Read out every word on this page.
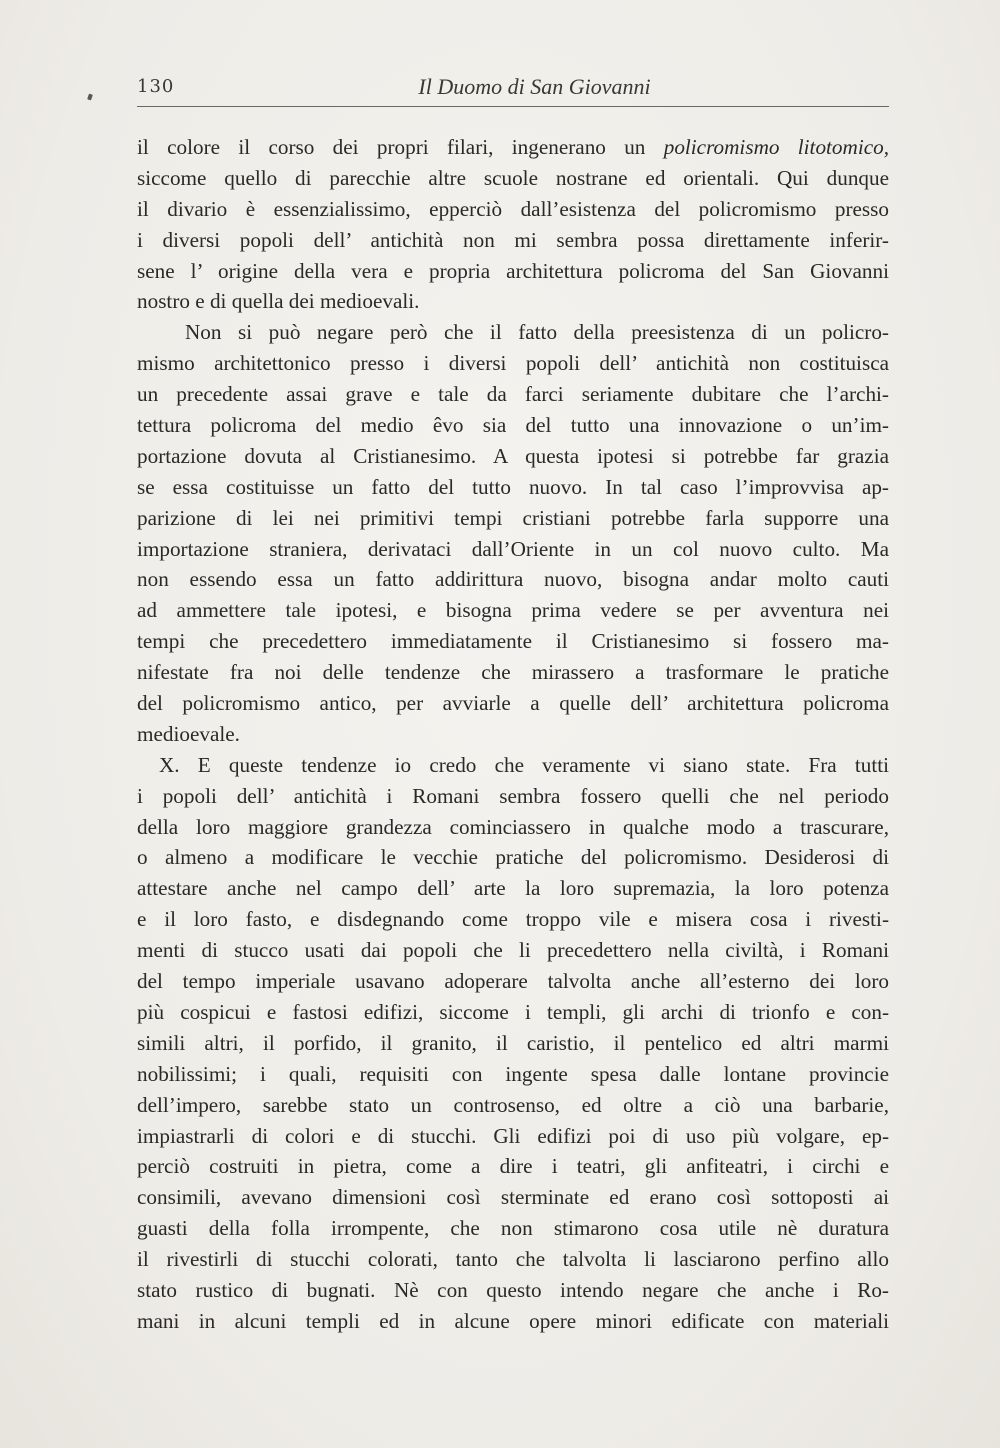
130	Il Duomo di San Giovanni
il colore il corso dei propri filari, ingenerano un policromismo litotomico,
siccome quello di parecchie altre scuole nostrane ed orientali. Qui dunque
il divario è essenzialissimo, epperciò dall’esistenza del policromismo presso
i diversi popoli dell’ antichità non mi sembra possa direttamente inferir-
sene l’ origine della vera e propria architettura policroma del San Giovanni
nostro e di quella dei medioevali.
Non si può negare però che il fatto della preesistenza di un policro-
mismo architettonico presso i diversi popoli dell’ antichità non costituisca
un precedente assai grave e tale da farci seriamente dubitare che l’archi-
tettura policroma del medio êvo sia del tutto una innovazione o un’im-
portazione dovuta al Cristianesimo. A questa ipotesi si potrebbe far grazia
se essa costituisse un fatto del tutto nuovo. In tal caso l’improvvisa ap-
parizione di lei nei primitivi tempi cristiani potrebbe farla supporre una
importazione straniera, derivataci dall’Oriente in un col nuovo culto. Ma
non essendo essa un fatto addirittura nuovo, bisogna andar molto cauti
ad ammettere tale ipotesi, e bisogna prima vedere se per avventura nei
tempi che precedettero immediatamente il Cristianesimo si fossero ma-
nifestate fra noi delle tendenze che mirassero a trasformare le pratiche
del policromismo antico, per avviarle a quelle dell’ architettura policroma
medioevale.
X. E queste tendenze io credo che veramente vi siano state. Fra tutti
i popoli dell’ antichità i Romani sembra fossero quelli che nel periodo
della loro maggiore grandezza cominciassero in qualche modo a trascurare,
o almeno a modificare le vecchie pratiche del policromismo. Desiderosi di
attestare anche nel campo dell’ arte la loro supremazia, la loro potenza
e il loro fasto, e disdegnando come troppo vile e misera cosa i rivesti-
menti di stucco usati dai popoli che li precedettero nella civiltà, i Romani
del tempo imperiale usavano adoperare talvolta anche all’esterno dei loro
più cospicui e fastosi edifizi, siccome i templi, gli archi di trionfo e con-
simili altri, il porfido, il granito, il caristio, il pentelico ed altri marmi
nobilissimi; i quali, requisiti con ingente spesa dalle lontane provincie
dell’impero, sarebbe stato un controsenso, ed oltre a ciò una barbarie,
impiastrarli di colori e di stucchi. Gli edifizi poi di uso più volgare, ep-
perciò costruiti in pietra, come a dire i teatri, gli anfiteatri, i circhi e
consimili, avevano dimensioni così sterminate ed erano così sottoposti ai
guasti della folla irrompente, che non stimarono cosa utile nè duratura
il rivestirli di stucchi colorati, tanto che talvolta li lasciarono perfino allo
stato rustico di bugnati. Nè con questo intendo negare che anche i Ro-
mani in alcuni templi ed in alcune opere minori edificate con materiali
